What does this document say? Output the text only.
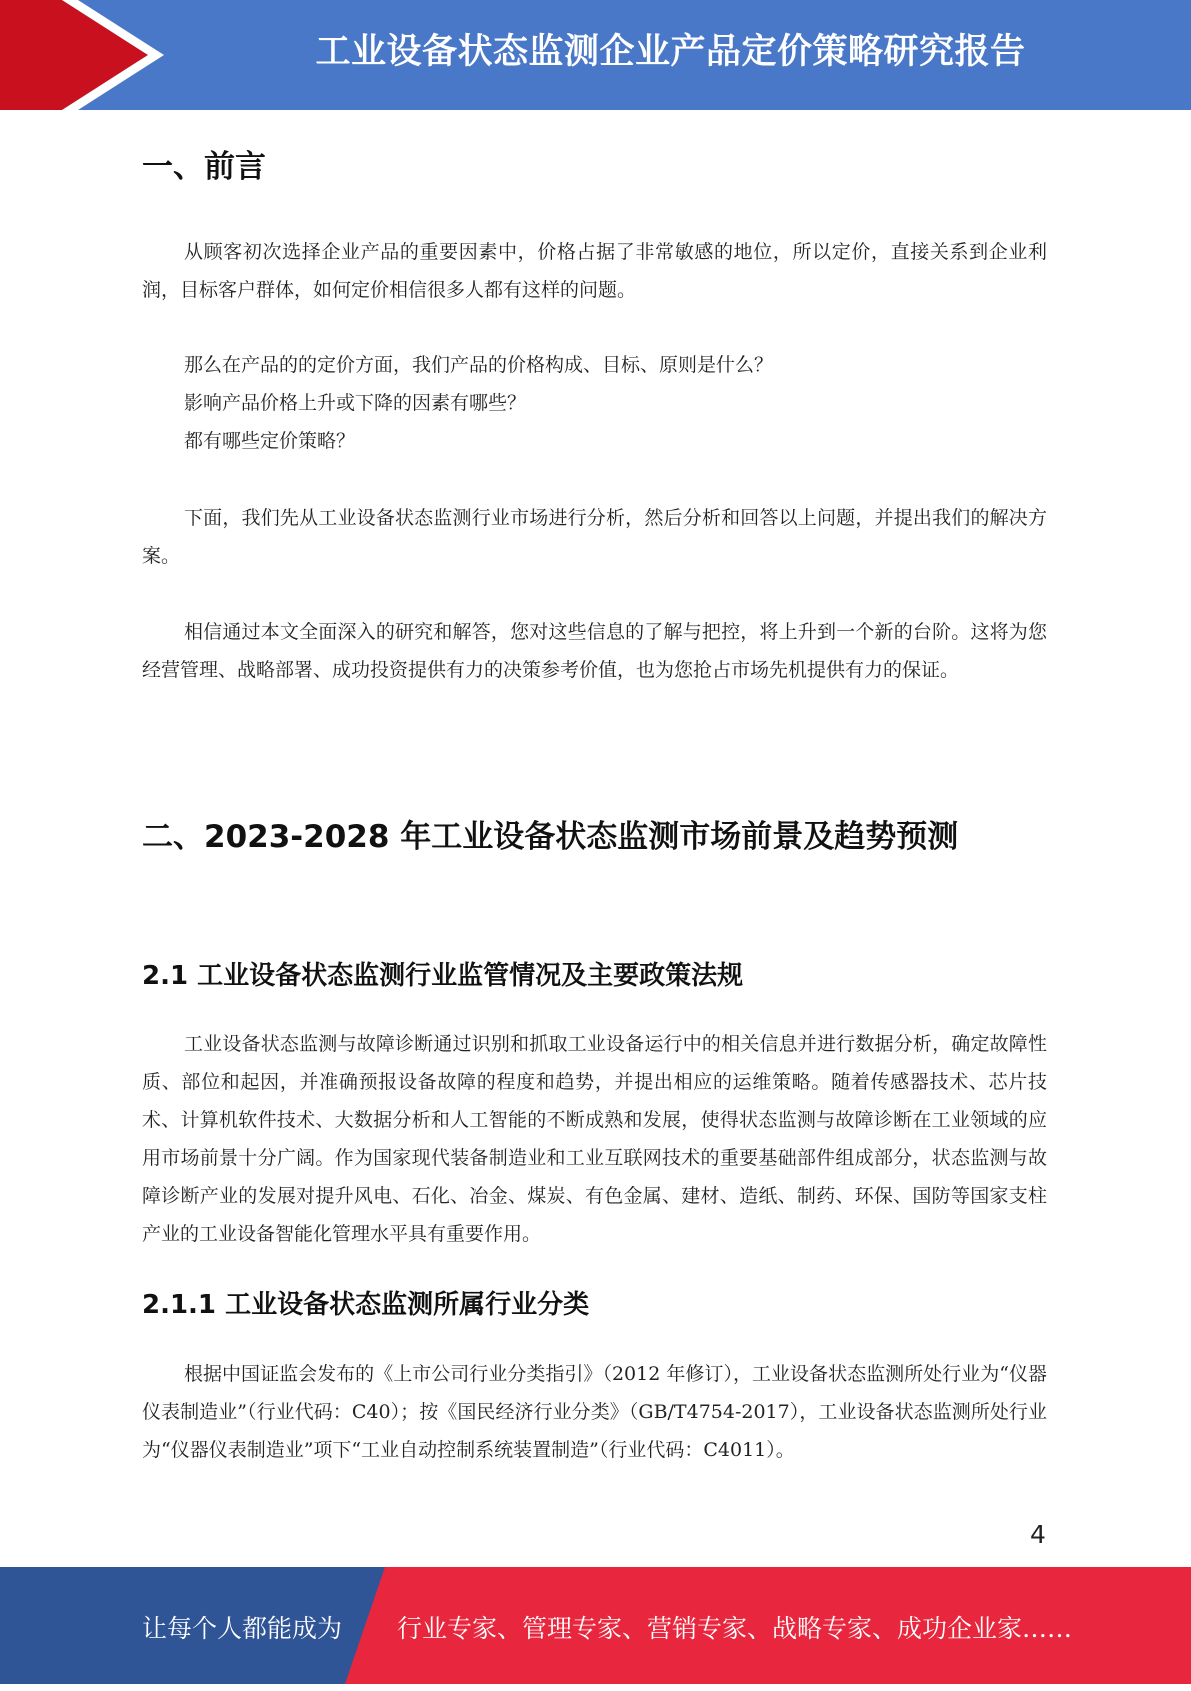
工业设备状态监测企业产品定价策略研究报告
一、前言

从顾客初次选择企业产品的重要因素中，价格占据了非常敏感的地位，所以定价，直接关系到企业利润，目标客户群体，如何定价相信很多人都有这样的问题。

那么在产品的的定价方面，我们产品的价格构成、目标、原则是什么？

影响产品价格上升或下降的因素有哪些？

都有哪些定价策略？

下面，我们先从工业设备状态监测行业市场进行分析，然后分析和回答以上问题，并提出我们的解决方案。

相信通过本文全面深入的研究和解答，您对这些信息的了解与把控，将上升到一个新的台阶。这将为您经营管理、战略部署、成功投资提供有力的决策参考价值，也为您抢占市场先机提供有力的保证。

二、2023-2028 年工业设备状态监测市场前景及趋势预测
2.1 工业设备状态监测行业监管情况及主要政策法规

工业设备状态监测与故障诊断通过识别和抓取工业设备运行中的相关信息并进行数据分析，确定故障性质、部位和起因，并准确预报设备故障的程度和趋势，并提出相应的运维策略。随着传感器技术、芯片技术、计算机软件技术、大数据分析和人工智能的不断成熟和发展，使得状态监测与故障诊断在工业领域的应用市场前景十分广阔。作为国家现代装备制造业和工业互联网技术的重要基础部件组成部分，状态监测与故障诊断产业的发展对提升风电、石化、冶金、煤炭、有色金属、建材、造纸、制药、环保、国防等国家支柱产业的工业设备智能化管理水平具有重要作用。

2.1.1 工业设备状态监测所属行业分类

根据中国证监会发布的《上市公司行业分类指引》（2012 年修订），工业设备状态监测所处行业为“仪器仪表制造业”（行业代码：C40）；按《国民经济行业分类》（GB/T4754-2017），工业设备状态监测所处行业为“仪器仪表制造业”项下“工业自动控制系统装置制造”（行业代码：C4011）。

4
让每个人都能成为 行业专家、管理专家、营销专家、战略专家、成功企业家……
